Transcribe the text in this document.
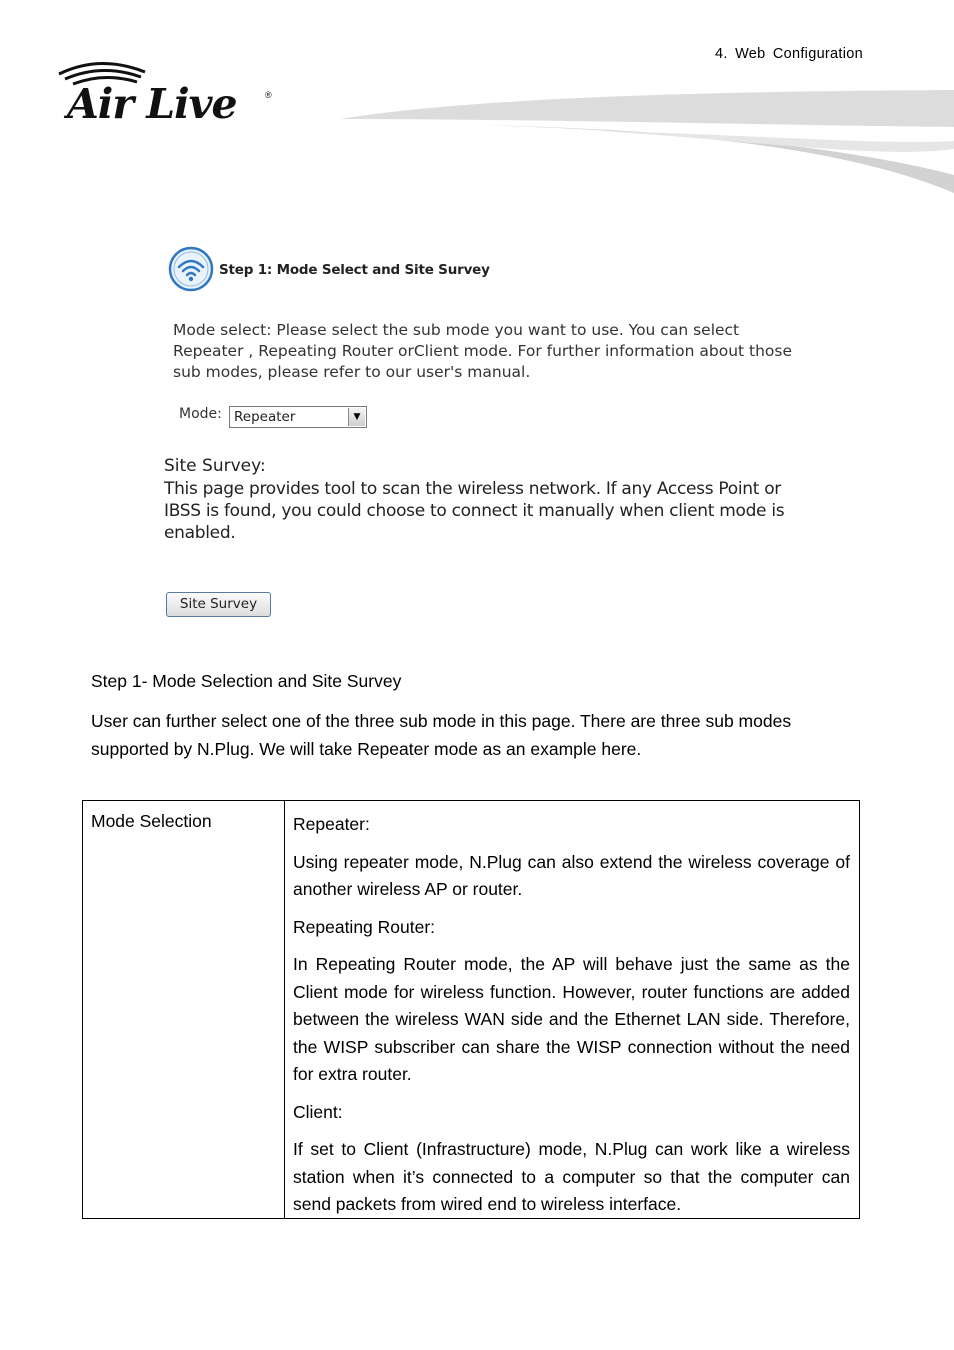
4. Web Configuration
Air Live	®
Step 1: Mode Select and Site Survey
Mode select: Please select the sub mode you want to use. You can select Repeater , Repeating Router orClient mode. For further information about those sub modes, please refer to our user's manual.
Mode: Repeater	▼
Site Survey:
This page provides tool to scan the wireless network. If any Access Point or IBSS is found, you could choose to connect it manually when client mode is enabled.
Site Survey
Step 1- Mode Selection and Site Survey
User can further select one of the three sub mode in this page. There are three sub modes supported by N.Plug. We will take Repeater mode as an example here.
Mode Selection	Repeater:

Using repeater mode, N.Plug can also extend the wireless coverage of another wireless AP or router.

Repeating Router:

In Repeating Router mode, the AP will behave just the same as the Client mode for wireless function. However, router functions are added between the wireless WAN side and the Ethernet LAN side. Therefore, the WISP subscriber can share the WISP connection without the need for extra router.

Client:

If set to Client (Infrastructure) mode, N.Plug can work like a wireless station when it’s connected to a computer so that the computer can send packets from wired end to wireless interface.
